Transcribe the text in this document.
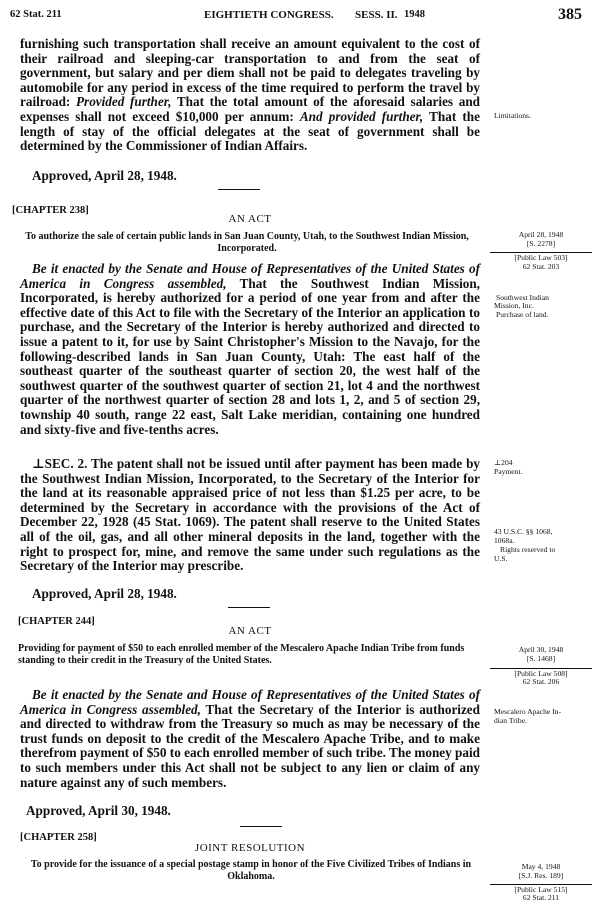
62 Stat. 211	EIGHTIETH CONGRESS. SESS. II. 1948	385
furnishing such transportation shall receive an amount equivalent to the cost of their railroad and sleeping-car transportation to and from the seat of government, but salary and per diem shall not be paid to delegates traveling by automobile for any period in excess of the time required to perform the travel by railroad: Provided further, That the total amount of the aforesaid salaries and expenses shall not exceed $10,000 per annum: And provided further, That the length of stay of the official delegates at the seat of government shall be determined by the Commissioner of Indian Affairs.
Approved, April 28, 1948.
Limitations.
[CHAPTER 238]
AN ACT
To authorize the sale of certain public lands in San Juan County, Utah, to the Southwest Indian Mission, Incorporated.
Be it enacted by the Senate and House of Representatives of the United States of America in Congress assembled, That the Southwest Indian Mission, Incorporated, is hereby authorized for a period of one year from and after the effective date of this Act to file with the Secretary of the Interior an application to purchase, and the Secretary of the Interior is hereby authorized and directed to issue a patent to it, for use by Saint Christopher's Mission to the Navajo, for the following-described lands in San Juan County, Utah: The east half of the southeast quarter of the southeast quarter of section 20, the west half of the southwest quarter of the southwest quarter of section 21, lot 4 and the northwest quarter of the northwest quarter of section 28 and lots 1, 2, and 5 of section 29, township 40 south, range 22 east, Salt Lake meridian, containing one hundred and sixty-five and five-tenths acres.
⊥SEC. 2. The patent shall not be issued until after payment has been made by the Southwest Indian Mission, Incorporated, to the Secretary of the Interior for the land at its reasonable appraised price of not less than $1.25 per acre, to be determined by the Secretary in accordance with the provisions of the Act of December 22, 1928 (45 Stat. 1069). The patent shall reserve to the United States all of the oil, gas, and all other mineral deposits in the land, together with the right to prospect for, mine, and remove the same under such regulations as the Secretary of the Interior may prescribe.
Approved, April 28, 1948.
April 28, 1948
[S. 2278]
[Public Law 503]
62 Stat. 203
Southwest Indian
Mission, Inc.
Purchase of land.
⊥204
Payment.
43 U.S.C. §§ 1068,
1068a.
Rights reserved to
U.S.
[CHAPTER 244]
AN ACT
Providing for payment of $50 to each enrolled member of the Mescalero Apache Indian Tribe from funds standing to their credit in the Treasury of the United States.
Be it enacted by the Senate and House of Representatives of the United States of America in Congress assembled, That the Secretary of the Interior is authorized and directed to withdraw from the Treasury so much as may be necessary of the trust funds on deposit to the credit of the Mescalero Apache Tribe, and to make therefrom payment of $50 to each enrolled member of such tribe. The money paid to such members under this Act shall not be subject to any lien or claim of any nature against any of such members.
Approved, April 30, 1948.
April 30, 1948
[S. 1468]
[Public Law 508]
62 Stat. 206
Mescalero Apache In-
dian Tribe.
[CHAPTER 258]
JOINT RESOLUTION
To provide for the issuance of a special postage stamp in honor of the Five Civilized Tribes of Indians in Oklahoma.
May 4, 1948
[S.J. Res. 189]
[Public Law 515]
62 Stat. 211
